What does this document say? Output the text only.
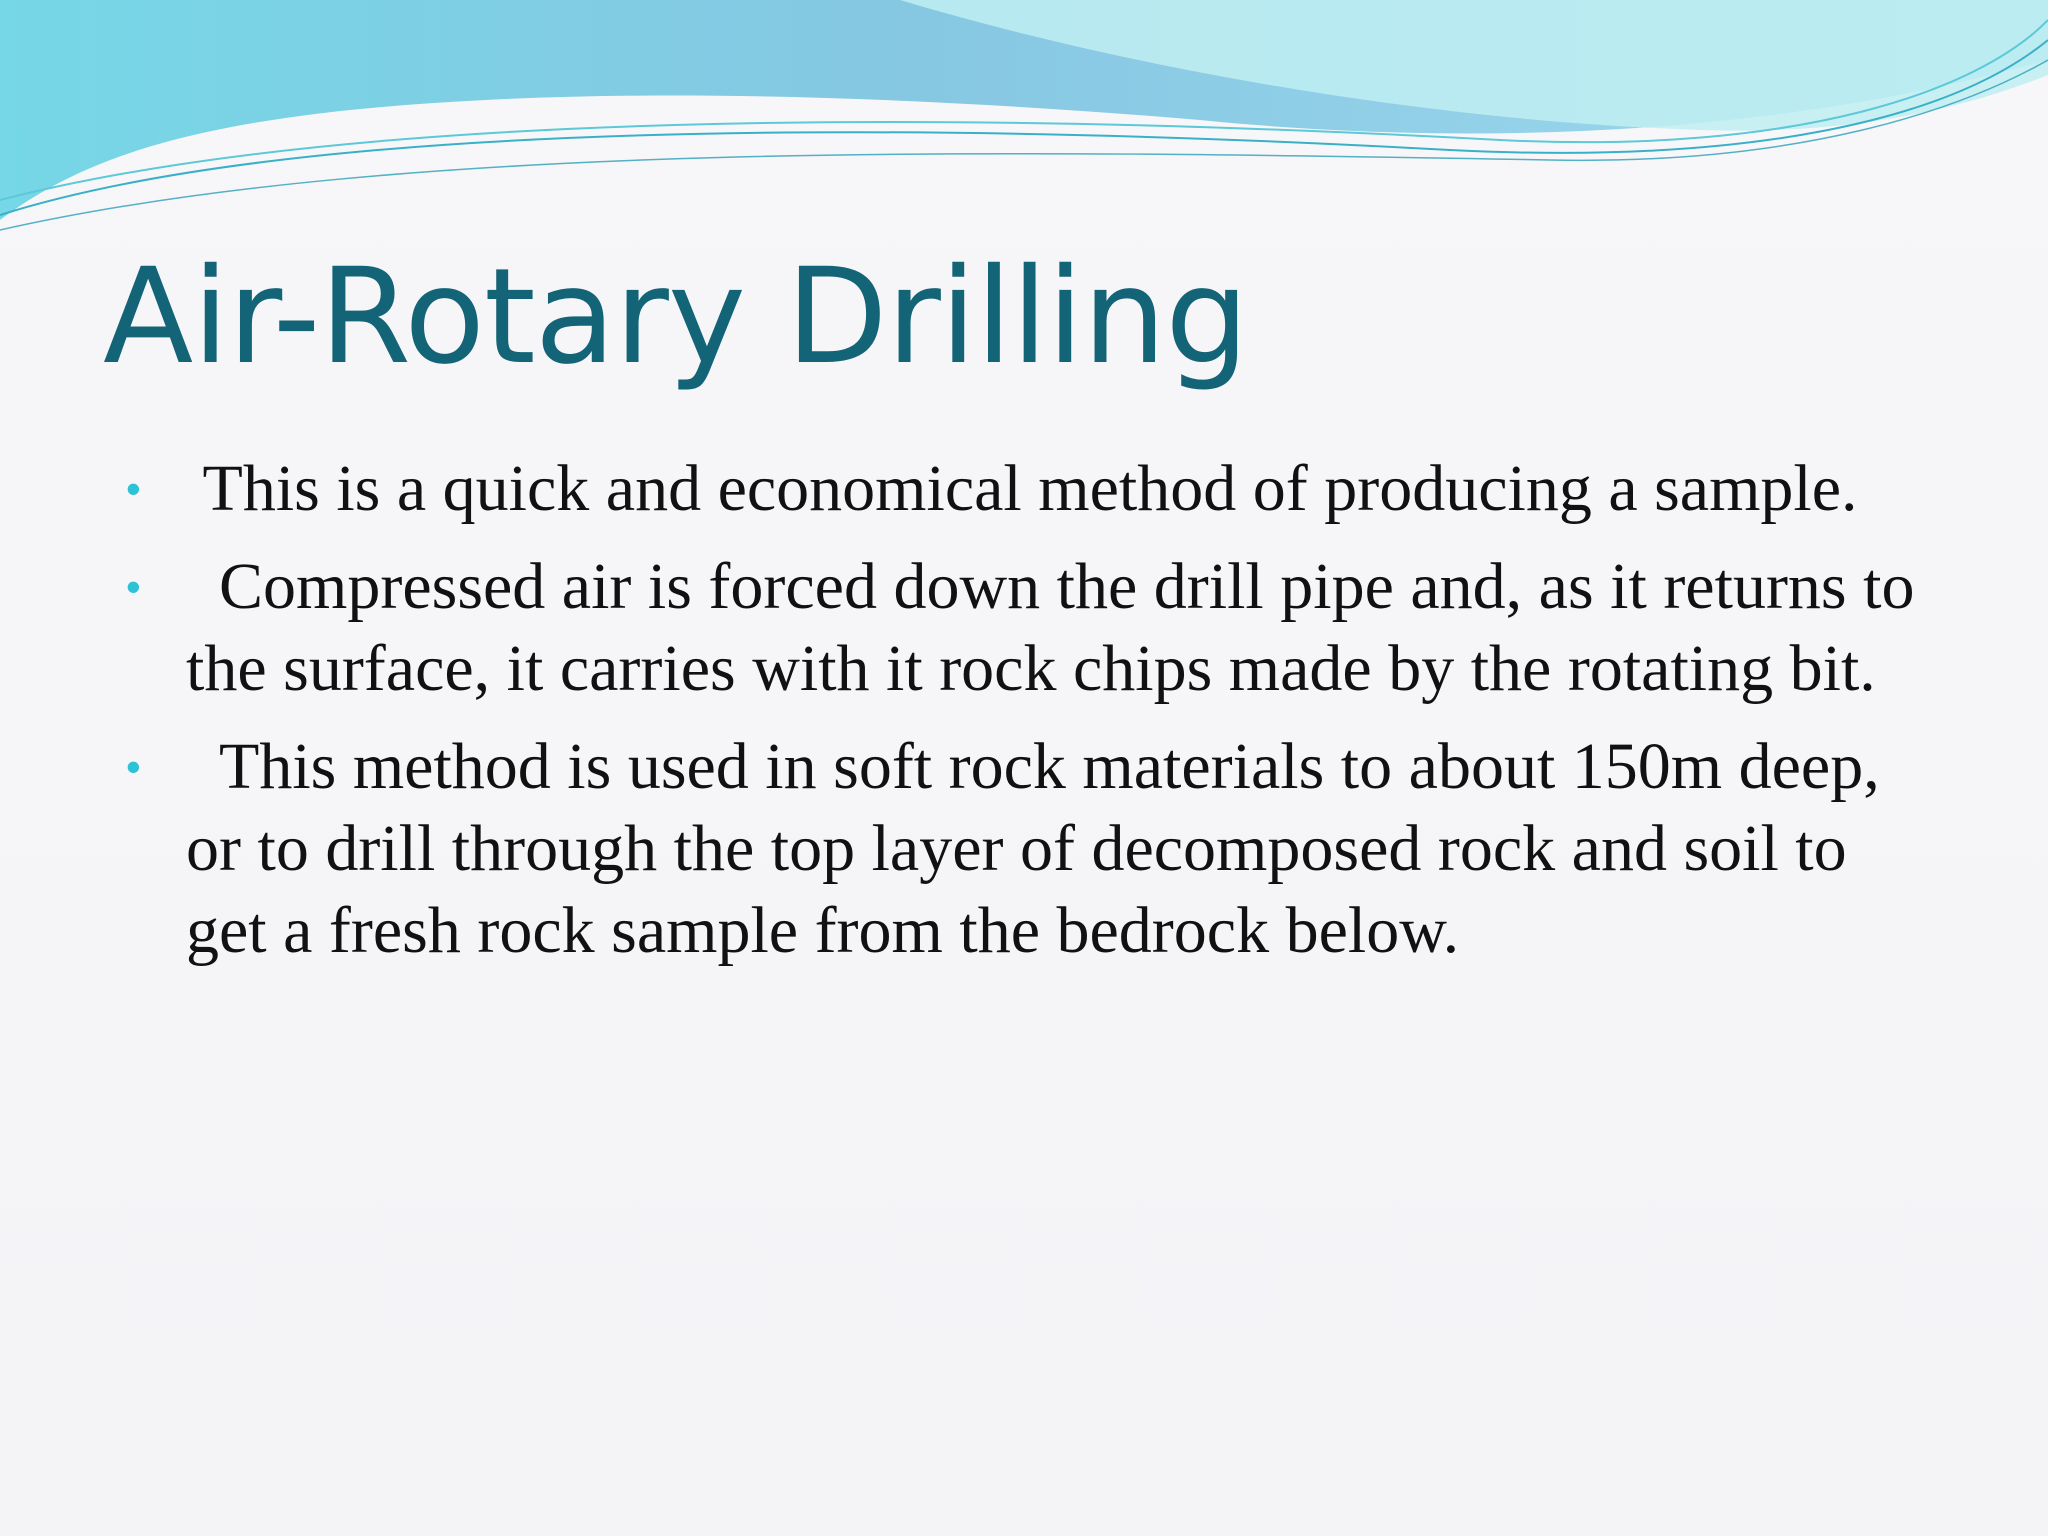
Air-Rotary Drilling
• This is a quick and economical method of producing a sample.
• Compressed air is forced down the drill pipe and, as it returns to the surface, it carries with it rock chips made by the rotating bit.
• This method is used in soft rock materials to about 150m deep, or to drill through the top layer of decomposed rock and soil to get a fresh rock sample from the bedrock below.
